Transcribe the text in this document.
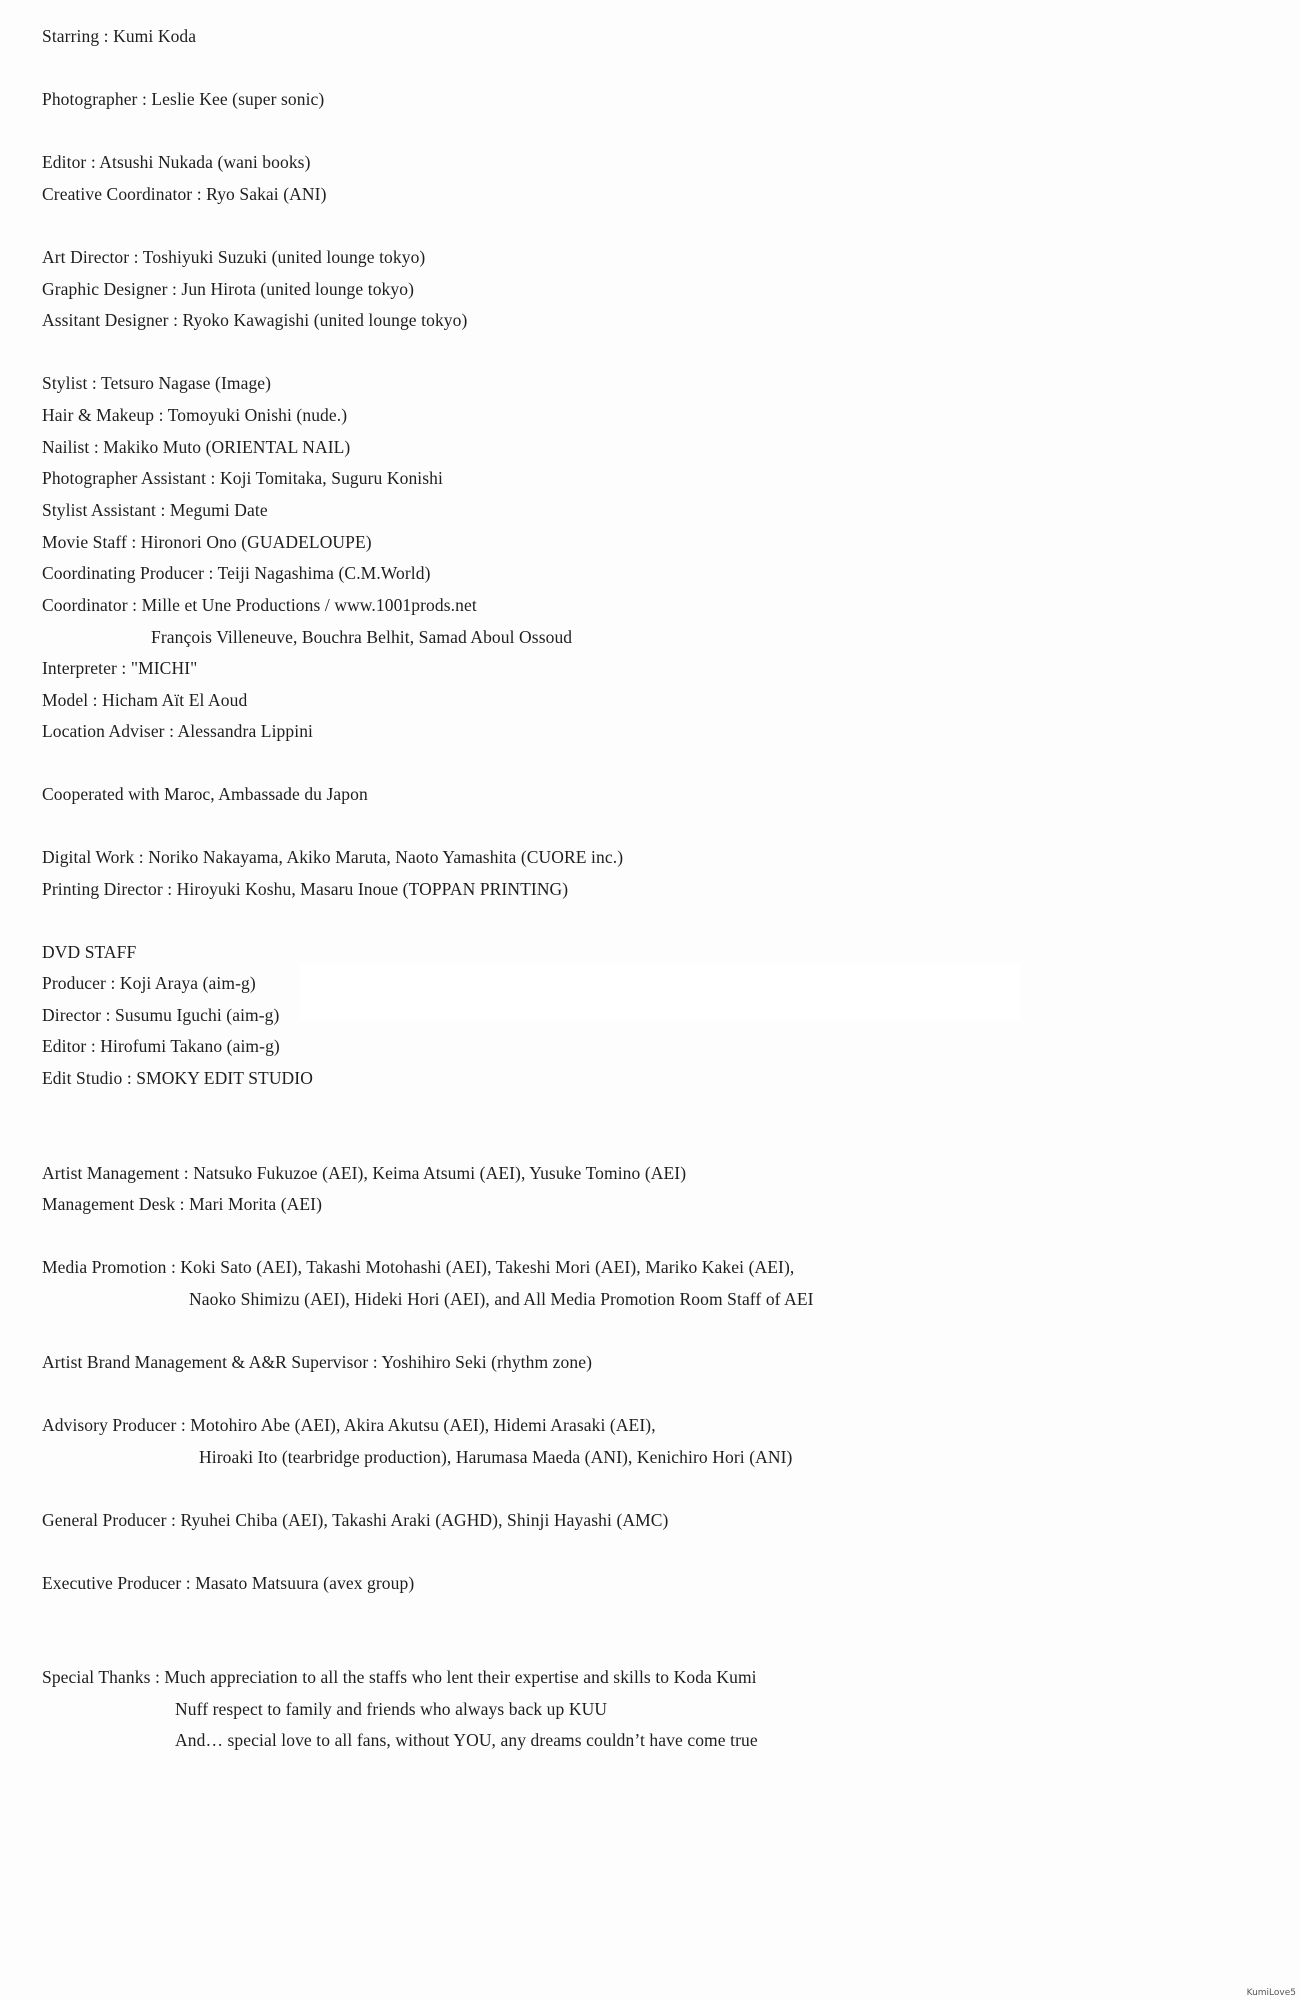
Starring : Kumi Koda
Photographer : Leslie Kee (super sonic)
Editor : Atsushi Nukada (wani books)
Creative Coordinator : Ryo Sakai (ANI)
Art Director : Toshiyuki Suzuki (united lounge tokyo)
Graphic Designer : Jun Hirota (united lounge tokyo)
Assitant Designer : Ryoko Kawagishi (united lounge tokyo)
Stylist : Tetsuro Nagase (Image)
Hair & Makeup : Tomoyuki Onishi (nude.)
Nailist : Makiko Muto (ORIENTAL NAIL)
Photographer Assistant : Koji Tomitaka, Suguru Konishi
Stylist Assistant : Megumi Date
Movie Staff : Hironori Ono (GUADELOUPE)
Coordinating Producer : Teiji Nagashima (C.M.World)
Coordinator : Mille et Une Productions / www.1001prods.net
François Villeneuve, Bouchra Belhit, Samad Aboul Ossoud
Interpreter : "MICHI"
Model : Hicham Aït El Aoud
Location Adviser : Alessandra Lippini
Cooperated with Maroc, Ambassade du Japon
Digital Work : Noriko Nakayama, Akiko Maruta, Naoto Yamashita (CUORE inc.)
Printing Director : Hiroyuki Koshu, Masaru Inoue (TOPPAN PRINTING)
DVD STAFF
Producer : Koji Araya (aim-g)
Director : Susumu Iguchi (aim-g)
Editor : Hirofumi Takano (aim-g)
Edit Studio : SMOKY EDIT STUDIO
Artist Management : Natsuko Fukuzoe (AEI), Keima Atsumi (AEI), Yusuke Tomino (AEI)
Management Desk : Mari Morita (AEI)
Media Promotion : Koki Sato (AEI), Takashi Motohashi (AEI), Takeshi Mori (AEI), Mariko Kakei (AEI),
Naoko Shimizu (AEI), Hideki Hori (AEI), and All Media Promotion Room Staff of AEI
Artist Brand Management & A&R Supervisor : Yoshihiro Seki (rhythm zone)
Advisory Producer : Motohiro Abe (AEI), Akira Akutsu (AEI), Hidemi Arasaki (AEI),
Hiroaki Ito (tearbridge production), Harumasa Maeda (ANI), Kenichiro Hori (ANI)
General Producer : Ryuhei Chiba (AEI), Takashi Araki (AGHD), Shinji Hayashi (AMC)
Executive Producer : Masato Matsuura (avex group)
Special Thanks : Much appreciation to all the staffs who lent their expertise and skills to Koda Kumi
Nuff respect to family and friends who always back up KUU
And… special love to all fans, without YOU, any dreams couldn’t have come true
KumiLove5
